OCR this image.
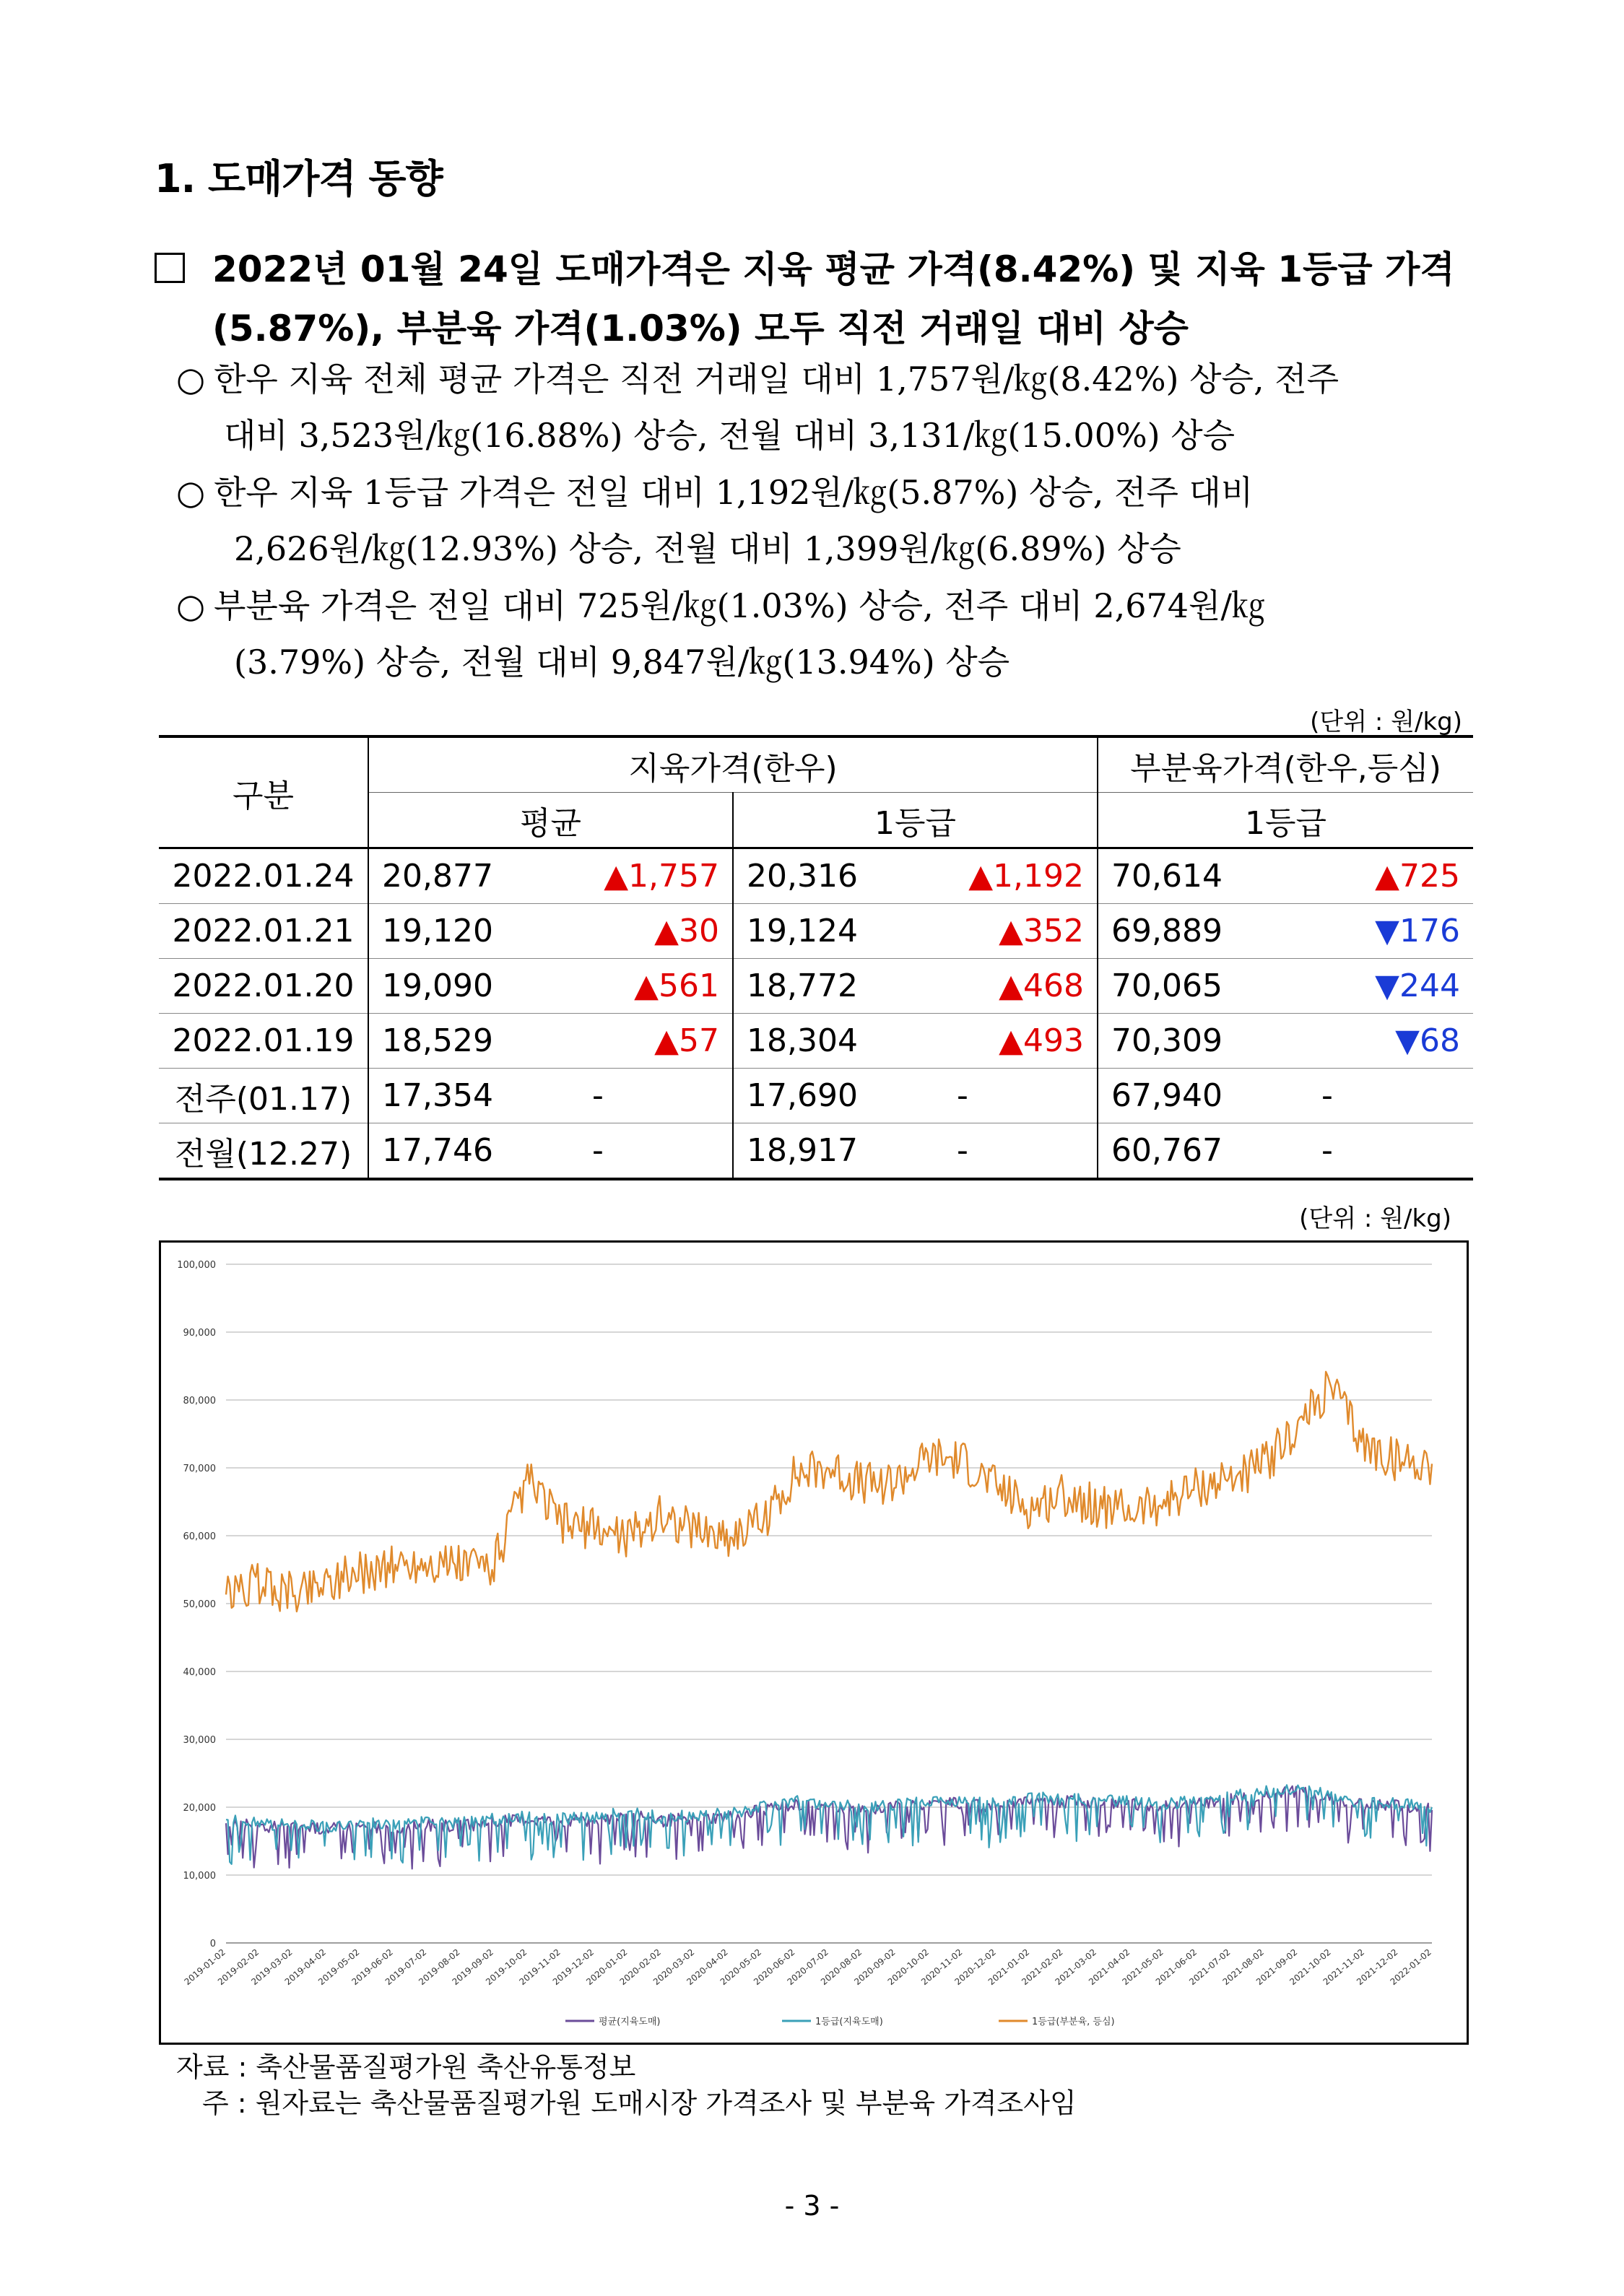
1. 도매가격 동향
2022년 01월 24일 도매가격은 지육 평균 가격(8.42%) 및 지육 1등급 가격
(5.87%), 부분육 가격(1.03%) 모두 직전 거래일 대비 상승
○ 한우 지육 전체 평균 가격은 직전 거래일 대비 1,757원/㎏(8.42%) 상승, 전주
대비 3,523원/㎏(16.88%) 상승, 전월 대비 3,131/㎏(15.00%) 상승
○ 한우 지육 1등급 가격은 전일 대비 1,192원/㎏(5.87%) 상승, 전주 대비
2,626원/㎏(12.93%) 상승, 전월 대비 1,399원/㎏(6.89%) 상승
○ 부분육 가격은 전일 대비 725원/㎏(1.03%) 상승, 전주 대비 2,674원/㎏
(3.79%) 상승, 전월 대비 9,847원/㎏(13.94%) 상승
(단위 : 원/kg)
구분	지육가격(한우)				부분육가격(한우,등심)	
	평균		1등급		1등급	
2022.01.24	20,877	▲1,757	20,316	▲1,192	70,614	▲725
2022.01.21	19,120	▲30	19,124	▲352	69,889	▼176
2022.01.20	19,090	▲561	18,772	▲468	70,065	▼244
2022.01.19	18,529	▲57	18,304	▲493	70,309	▼68
전주(01.17)	17,354	-	17,690	-	67,940	-
전월(12.27)	17,746	-	18,917	-	60,767	-
(단위 : 원/kg)
0
10,000
20,000
30,000
40,000
50,000
60,000
70,000
80,000
90,000
100,000
2019-01-02
2019-02-02
2019-03-02
2019-04-02
2019-05-02
2019-06-02
2019-07-02
2019-08-02
2019-09-02
2019-10-02
2019-11-02
2019-12-02
2020-01-02
2020-02-02
2020-03-02
2020-04-02
2020-05-02
2020-06-02
2020-07-02
2020-08-02
2020-09-02
2020-10-02
2020-11-02
2020-12-02
2021-01-02
2021-02-02
2021-03-02
2021-04-02
2021-05-02
2021-06-02
2021-07-02
2021-08-02
2021-09-02
2021-10-02
2021-11-02
2021-12-02
2022-01-02
평균(지육도매)	1등급(지육도매)	1등급(부분육, 등심)
자료 : 축산물품질평가원 축산유통정보
주 : 원자료는 축산물품질평가원 도매시장 가격조사 및 부분육 가격조사임
- 3 -
